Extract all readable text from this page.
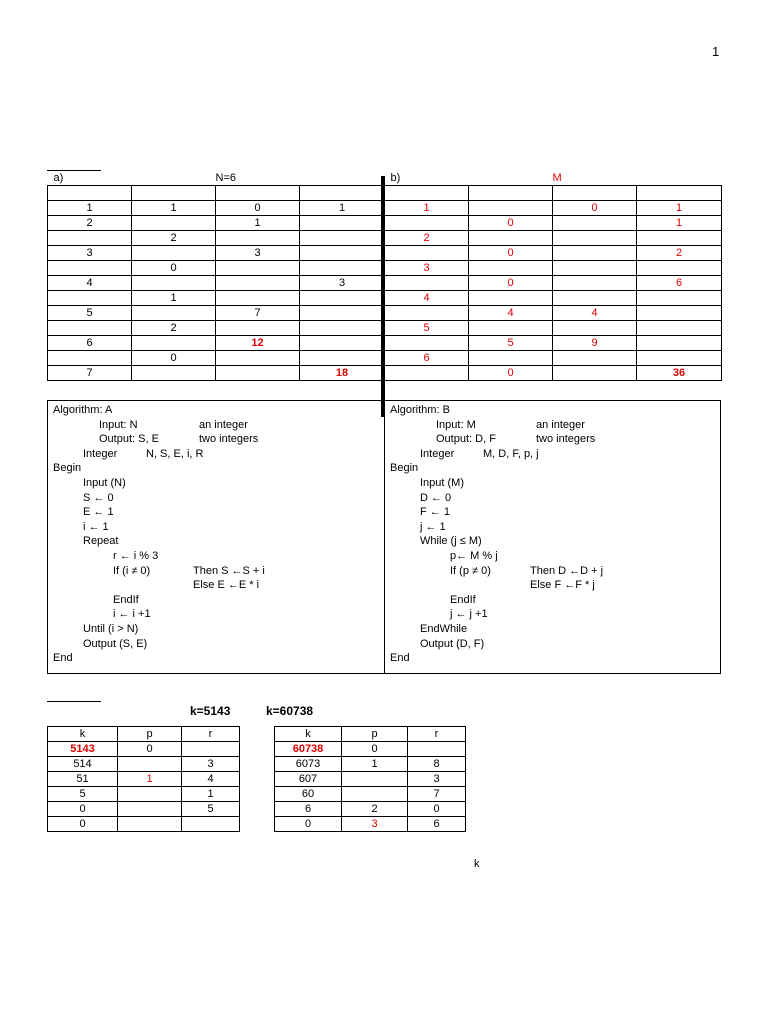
1
a)		N=6		b)		M	

1	1	0	1	1		0	1
2		1			0		1
	2			2			
3		3			0		2
	0			3			
4			3		0		6
	1			4			
5		7			4	4	
	2			5			
6		12			5	9	
	0			6			
7			18		0		36
Algorithm: A
Input: N	an integer
Output: S, E	two integers
Integer	N, S, E, i, R
Begin
Input (N)
S ← 0
E ← 1
i ← 1
Repeat
r ← i % 3
If (i ≠ 0)	Then S ←S + i
Else E ←E * i
EndIf
i ← i +1
Until (i > N)
Output (S, E)
End
Algorithm: B
Input: M	an integer
Output: D, F	two integers
Integer	M, D, F, p, j
Begin
Input (M)
D ← 0
F ← 1
j ← 1
While (j ≤ M)
p← M % j
If (p ≠ 0)	Then D ←D + j
Else F ←F * j
EndIf
j ← j +1
EndWhile
Output (D, F)
End
k=5143	k=60738
k	p	r
5143	0	
514		3
51	1	4
5		1
0		5
0		
k	p	r
60738	0	
6073	1	8
607		3
60		7
6	2	0
0	3	6
k
